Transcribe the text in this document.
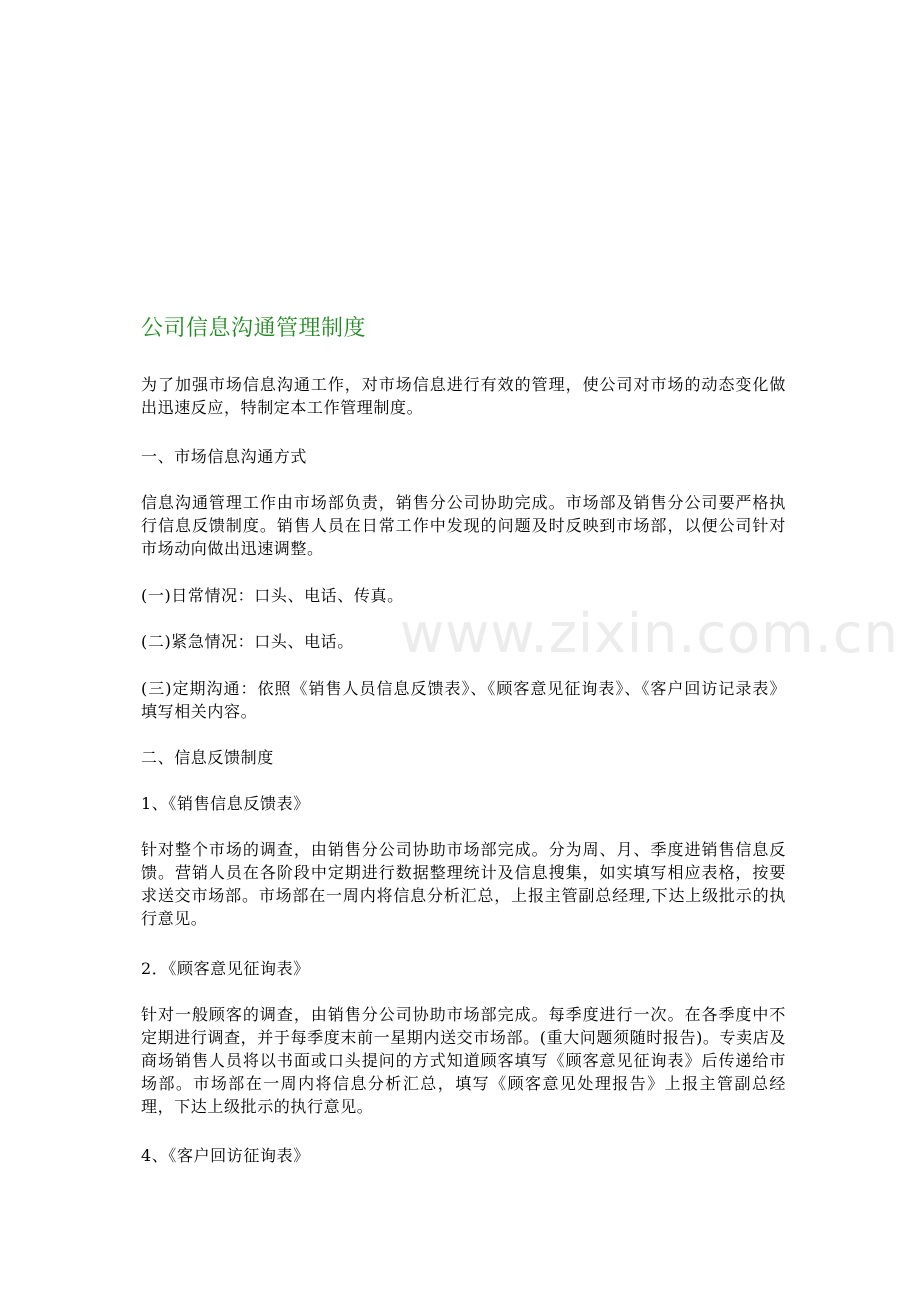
www.zixin.com.cn
公司信息沟通管理制度

为了加强市场信息沟通工作，对市场信息进行有效的管理，使公司对市场的动态变化做出迅速反应，特制定本工作管理制度。

一、市场信息沟通方式

信息沟通管理工作由市场部负责，销售分公司协助完成。市场部及销售分公司要严格执行信息反馈制度。销售人员在日常工作中发现的问题及时反映到市场部，以便公司针对市场动向做出迅速调整。

(一)日常情况：口头、电话、传真。

(二)紧急情况：口头、电话。

(三)定期沟通：依照《销售人员信息反馈表》、《顾客意见征询表》、《客户回访记录表》填写相关内容。

二、信息反馈制度

1、《销售信息反馈表》

针对整个市场的调查，由销售分公司协助市场部完成。分为周、月、季度进销售信息反馈。营销人员在各阶段中定期进行数据整理统计及信息搜集，如实填写相应表格，按要求送交市场部。市场部在一周内将信息分析汇总，上报主管副总经理,下达上级批示的执行意见。

2．《顾客意见征询表》

针对一般顾客的调查，由销售分公司协助市场部完成。每季度进行一次。在各季度中不定期进行调查，并于每季度末前一星期内送交市场部。(重大问题须随时报告)。专卖店及商场销售人员将以书面或口头提问的方式知道顾客填写《顾客意见征询表》后传递给市场部。市场部在一周内将信息分析汇总，填写《顾客意见处理报告》上报主管副总经理，下达上级批示的执行意见。

4、《客户回访征询表》
